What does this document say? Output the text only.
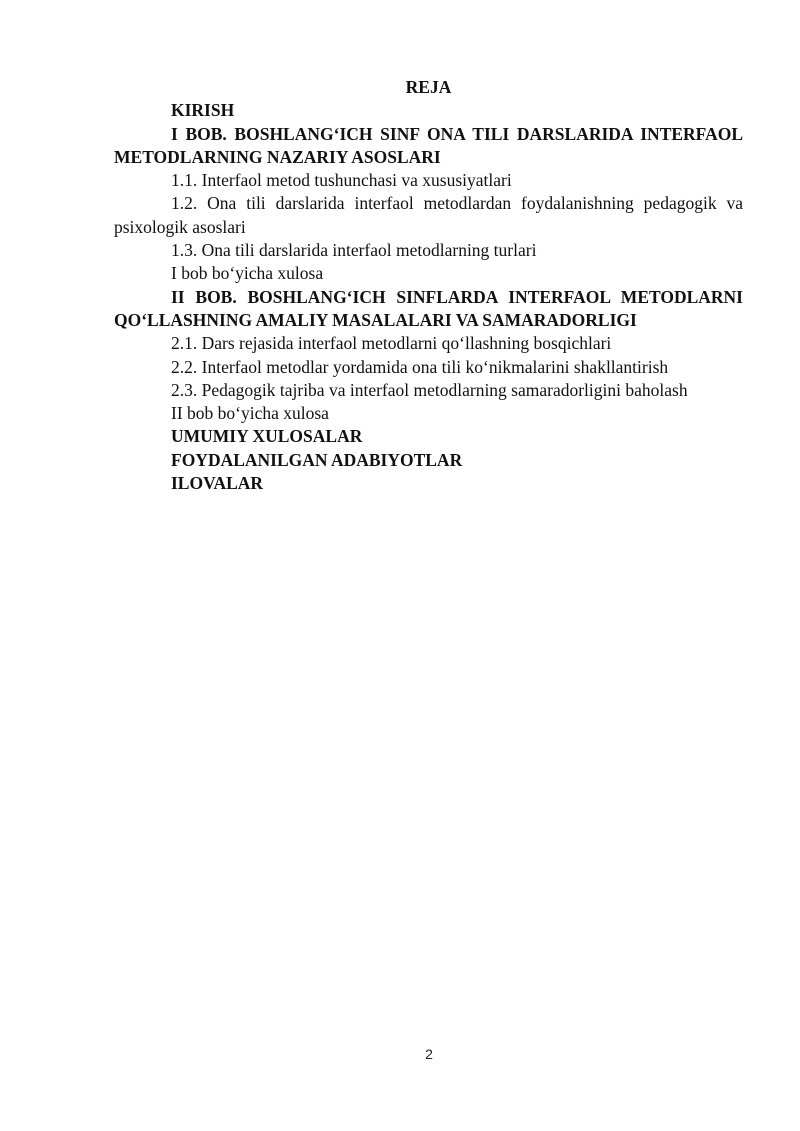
REJA

KIRISH

I BOB. BOSHLANG‘ICH SINF ONA TILI DARSLARIDA INTERFAOL METODLARNING NAZARIY ASOSLARI

1.1. Interfaol metod tushunchasi va xususiyatlari

1.2. Ona tili darslarida interfaol metodlardan foydalanishning pedagogik va psixologik asoslari

1.3. Ona tili darslarida interfaol metodlarning turlari

I bob bo‘yicha xulosa

II BOB. BOSHLANG‘ICH SINFLARDA INTERFAOL METODLARNI QO‘LLASHNING AMALIY MASALALARI VA SAMARADORLIGI

2.1. Dars rejasida interfaol metodlarni qo‘llashning bosqichlari

2.2. Interfaol metodlar yordamida ona tili ko‘nikmalarini shakllantirish

2.3. Pedagogik tajriba va interfaol metodlarning samaradorligini baholash

II bob bo‘yicha xulosa

UMUMIY XULOSALAR

FOYDALANILGAN ADABIYOTLAR

ILOVALAR

2
